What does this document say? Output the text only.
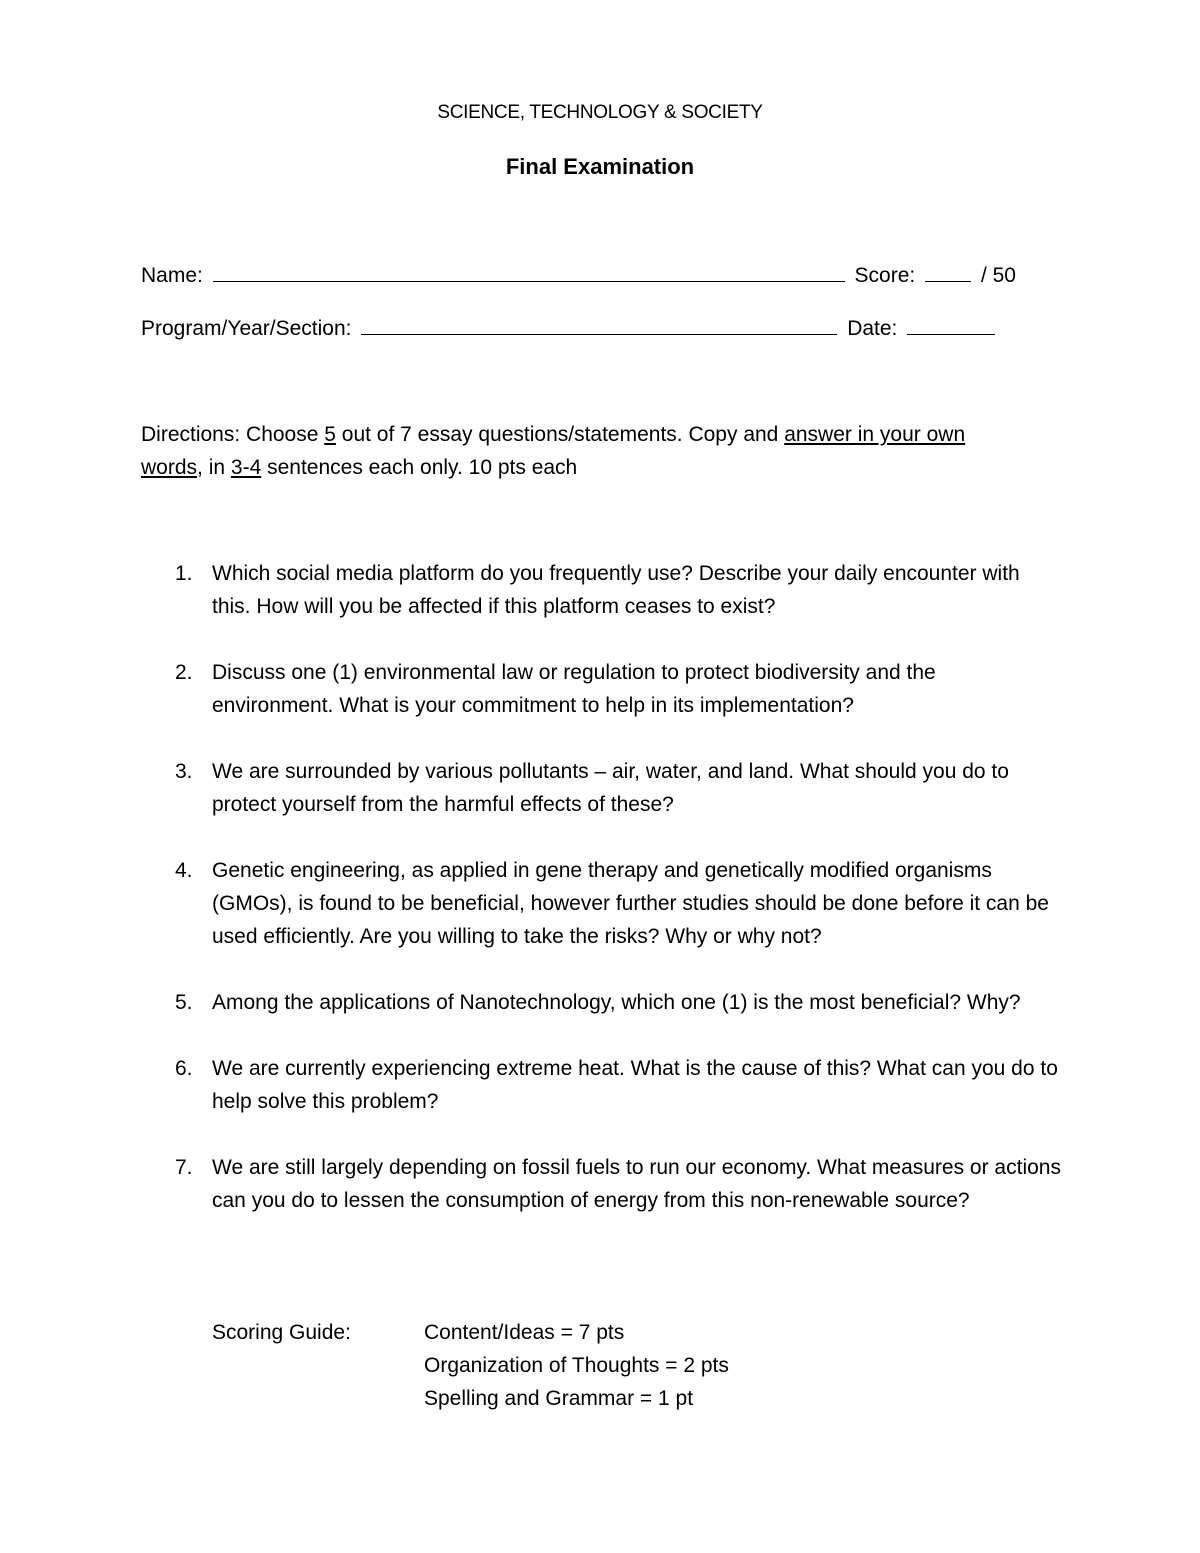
SCIENCE, TECHNOLOGY & SOCIETY
Final Examination
Name:	Score:	/ 50
Program/Year/Section:	Date:
Directions: Choose 5 out of 7 essay questions/statements. Copy and answer in your own words, in 3-4 sentences each only. 10 pts each
1. Which social media platform do you frequently use? Describe your daily encounter with this. How will you be affected if this platform ceases to exist?
2. Discuss one (1) environmental law or regulation to protect biodiversity and the environment. What is your commitment to help in its implementation?
3. We are surrounded by various pollutants – air, water, and land. What should you do to protect yourself from the harmful effects of these?
4. Genetic engineering, as applied in gene therapy and genetically modified organisms (GMOs), is found to be beneficial, however further studies should be done before it can be used efficiently. Are you willing to take the risks? Why or why not?
5. Among the applications of Nanotechnology, which one (1) is the most beneficial? Why?
6. We are currently experiencing extreme heat. What is the cause of this? What can you do to help solve this problem?
7. We are still largely depending on fossil fuels to run our economy. What measures or actions can you do to lessen the consumption of energy from this non-renewable source?
Scoring Guide:	Content/Ideas = 7 pts
Organization of Thoughts = 2 pts
Spelling and Grammar = 1 pt
